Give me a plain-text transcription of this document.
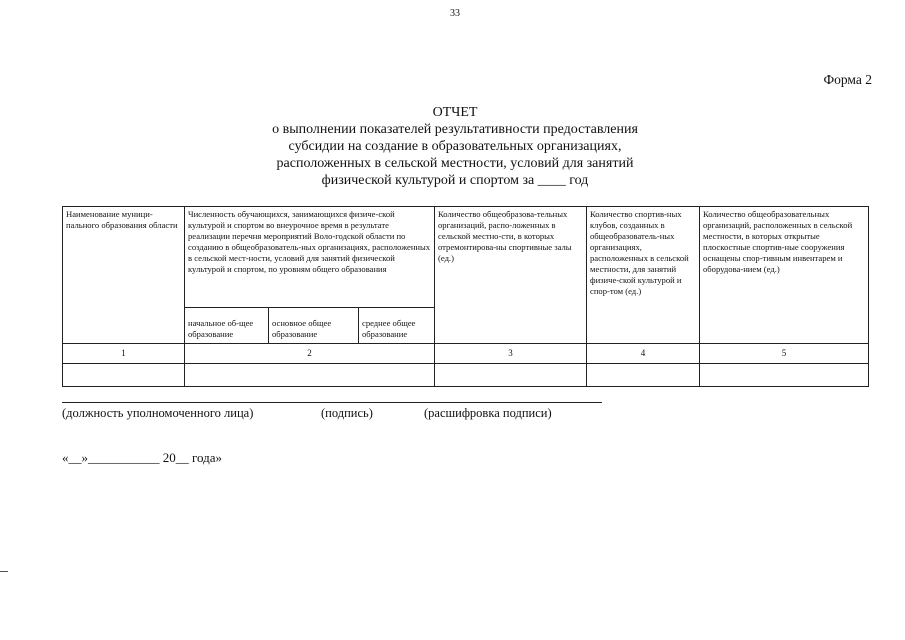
33
Форма 2
ОТЧЕТ
о выполнении показателей результативности предоставления
субсидии на создание в образовательных организациях,
расположенных в сельской местности, условий для занятий
физической культурой и спортом за ____ год
Наименование муници-пального образования области	Численность обучающихся, занимающихся физиче-ской культурой и спортом во внеурочное время в результате реализации перечня мероприятий Воло-годской области по созданию в общеобразователь-ных организациях, расположенных в сельской мест-ности, условий для занятий физической культурой и спортом, по уровням общего образования			Количество общеобразова-тельных организаций, распо-ложенных в сельской местно-сти, в которых отремонтирова-ны спортивные залы (ед.)	Количество спортив-ных клубов, созданных в общеобразователь-ных организациях, расположенных в сельской местности, для занятий физиче-ской культурой и спор-том (ед.)	Количество общеобразовательных организаций, расположенных в сельской местности, в которых открытые плоскостные спортив-ные сооружения оснащены спор-тивным инвентарем и оборудова-нием (ед.)
	начальное об-щее образование	основное общее образование	среднее общее образование			
1	2			3	4	5

(должность уполномоченного лица)	(подпись)	(расшифровка подписи)
«__»___________ 20__ года»
